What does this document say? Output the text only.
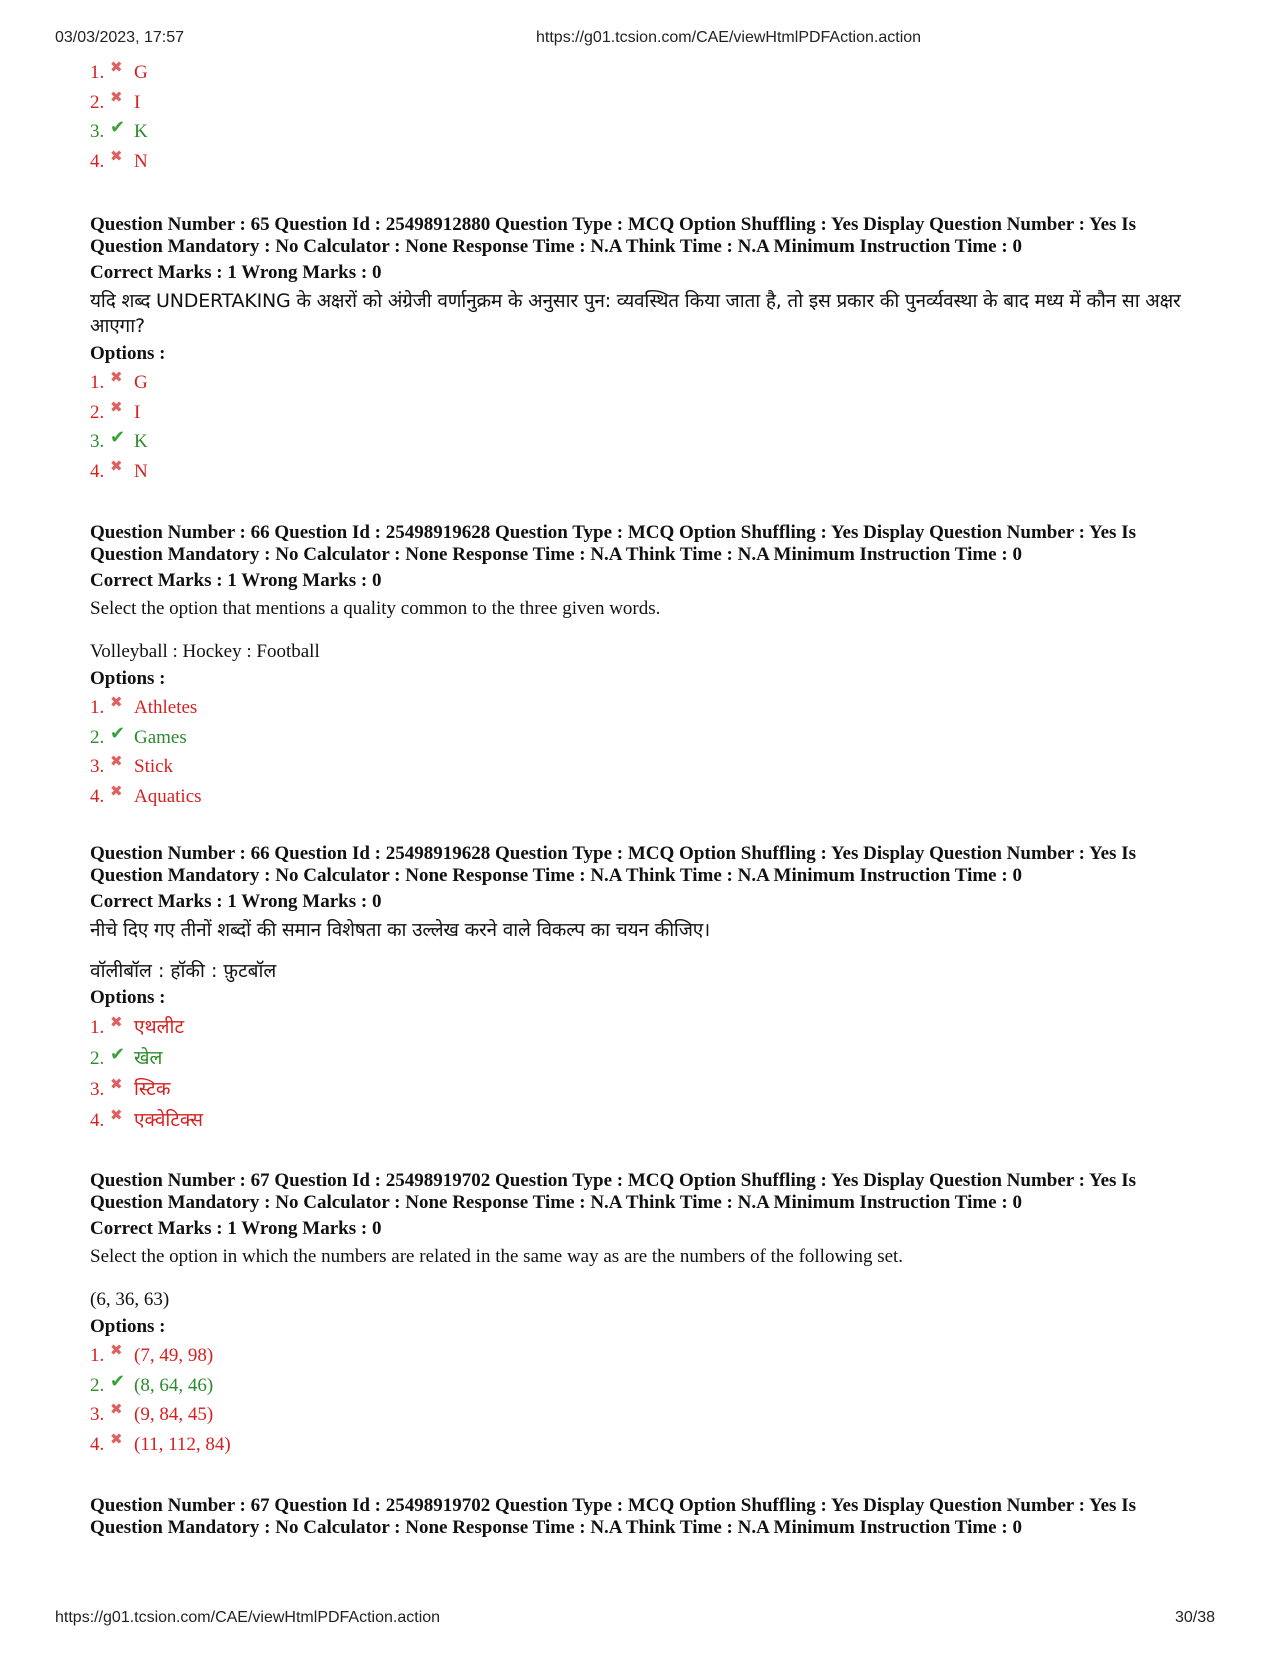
03/03/2023, 17:57	https://g01.tcsion.com/CAE/viewHtmlPDFAction.action
1. ✖ G
2. ✖ I
3. ✔ K
4. ✖ N
Question Number : 65 Question Id : 25498912880 Question Type : MCQ Option Shuffling : Yes Display Question Number : Yes Is Question Mandatory : No Calculator : None Response Time : N.A Think Time : N.A Minimum Instruction Time : 0
Correct Marks : 1 Wrong Marks : 0
यदि शब्द UNDERTAKING के अक्षरों को अंग्रेजी वर्णानुक्रम के अनुसार पुन: व्यवस्थित किया जाता है, तो इस प्रकार की पुनर्व्यवस्था के बाद मध्य में कौन सा अक्षर आएगा?
Options :
1. ✖ G
2. ✖ I
3. ✔ K
4. ✖ N
Question Number : 66 Question Id : 25498919628 Question Type : MCQ Option Shuffling : Yes Display Question Number : Yes Is Question Mandatory : No Calculator : None Response Time : N.A Think Time : N.A Minimum Instruction Time : 0
Correct Marks : 1 Wrong Marks : 0
Select the option that mentions a quality common to the three given words.
Volleyball : Hockey : Football
Options :
1. ✖ Athletes
2. ✔ Games
3. ✖ Stick
4. ✖ Aquatics
Question Number : 66 Question Id : 25498919628 Question Type : MCQ Option Shuffling : Yes Display Question Number : Yes Is Question Mandatory : No Calculator : None Response Time : N.A Think Time : N.A Minimum Instruction Time : 0
Correct Marks : 1 Wrong Marks : 0
नीचे दिए गए तीनों शब्दों की समान विशेषता का उल्लेख करने वाले विकल्प का चयन कीजिए।
वॉलीबॉल : हॉकी : फ़ुटबॉल
Options :
1. ✖ एथलीट
2. ✔ खेल
3. ✖ स्टिक
4. ✖ एक्वेटिक्स
Question Number : 67 Question Id : 25498919702 Question Type : MCQ Option Shuffling : Yes Display Question Number : Yes Is Question Mandatory : No Calculator : None Response Time : N.A Think Time : N.A Minimum Instruction Time : 0
Correct Marks : 1 Wrong Marks : 0
Select the option in which the numbers are related in the same way as are the numbers of the following set.
(6, 36, 63)
Options :
1. ✖ (7, 49, 98)
2. ✔ (8, 64, 46)
3. ✖ (9, 84, 45)
4. ✖ (11, 112, 84)
Question Number : 67 Question Id : 25498919702 Question Type : MCQ Option Shuffling : Yes Display Question Number : Yes Is Question Mandatory : No Calculator : None Response Time : N.A Think Time : N.A Minimum Instruction Time : 0
https://g01.tcsion.com/CAE/viewHtmlPDFAction.action	30/38
